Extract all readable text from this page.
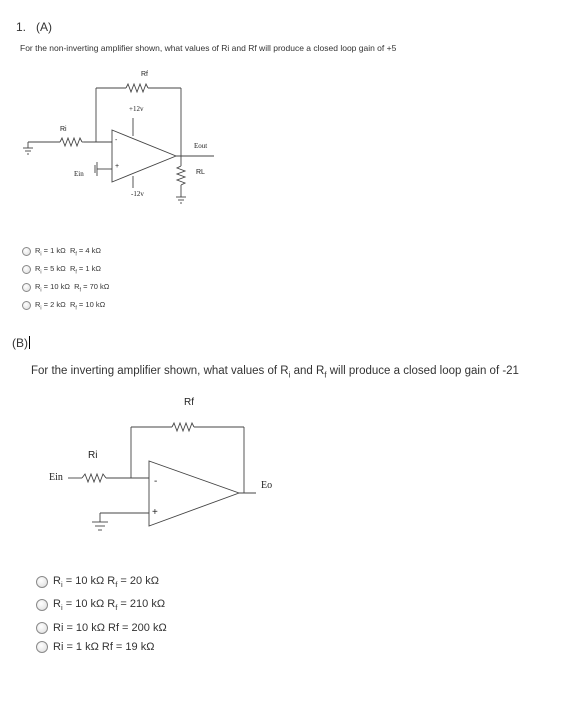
1. (A)
For the non-inverting amplifier shown, what values of Ri and Rf will produce a closed loop gain of +5
Rf
+12v
Ri
-
+
Eout
RL
Ein
-12v
$R_i = 1$ kΩ  $R_f = 4$ kΩ
$R_i = 5$ kΩ  $R_f = 1$ kΩ
$R_i = 10$ kΩ  $R_f = 70$ kΩ
$R_i = 2$ kΩ  $R_f = 10$ kΩ
(B)
For the inverting amplifier shown, what values of $R_i$ and $R_f$ will produce a closed loop gain of -21
Rf
Ri
Ein	-
+
Eo
$R_i = 10$ kΩ $R_f = 20$ kΩ
$R_i = 10$ kΩ $R_f = 210$ kΩ
Ri = 10 kΩ Rf = 200 kΩ
Ri = 1 kΩ Rf = 19 kΩ
